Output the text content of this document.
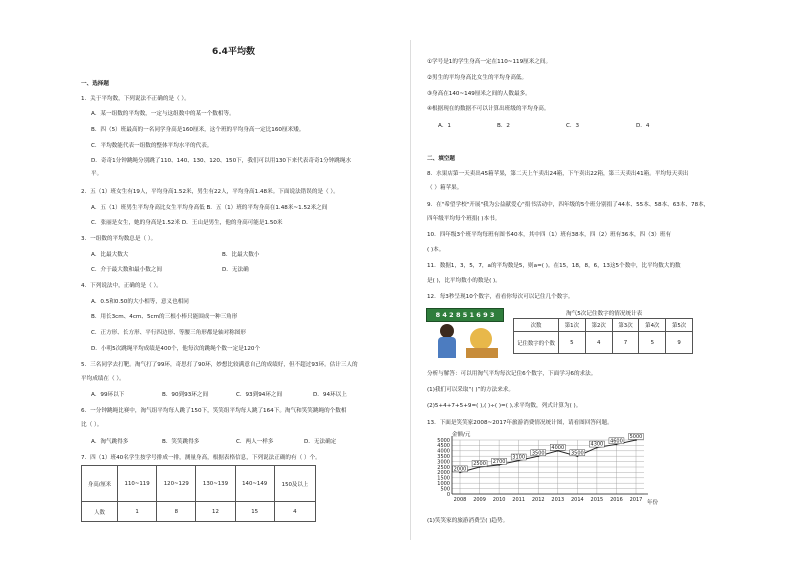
6.4平均数
一、选择题
1．关于平均数，下列说法不正确的是（ ）。
A．某一组数的平均数，一定与这组数中的某一个数相等。
B．四（5）班最高的一名同学身高是160厘米，这个班的平均身高一定比160厘米矮。
C．平均数能代表一组数的整体平均水平的代表。
D．奇奇1分钟跳绳分别跳了110、140、130、120、150下，我们可以用130下来代表奇奇1分钟跳绳水
平。
2．五（1）班女生有19人，平均身高1.52米，男生有22人，平均身高1.48米。下面说法错误的是（ ）。
A．五（1）班男生平均身高比女生平均身高低 B．五（1）班的平均身高在1.48米~1.52米之间
C．张丽是女生，她的身高是1.52米 D．王山是男生，他的身高可能是1.50米
3．一组数的平均数总是（ ）。
A．比最大数大	B．比最大数小
C．介于最大数和最小数之间	D．无法确
4．下列说法中，正确的是（ ）。
A．0.5和0.50的大小相等，意义也相同
B．用长3cm、4cm、5cm的三根小棒只能围成一种三角形
C．正方形、长方形、平行四边形、等腰三角形都是轴对称图形
D．小明5次跳绳平均成绩是400个，他每次的跳绳个数一定是120个
5．三名同学去打靶。淘气打了99环，奇思打了90环，妙想比较满意自己的成绩好，但不超过93环。估计三人的
平均成绩在（ ）。
A．99环以下	B．90到93环之间	C．93到94环之间	D．94环以上
6．一分钟跳绳比赛中，淘气组平均每人跳了150下，笑笑组平均每人跳了164下。淘气和笑笑跳绳的个数相
比（ ）。
A．淘气跳得多	B．笑笑跳得多	C．两人一样多	D．无法确定
7．四（1）班40名学生按学号排成一排，测量身高，根据表格信息，下列说法正确的有（ ）个。
身高/厘米	110~119	120~129	130~139	140~149	150及以上
人数	1	8	12	15	4
①学号是1的学生身高一定在110~119厘米之间。
②男生的平均身高比女生的平均身高低。
③身高在140~149厘米之间的人数最多。
④根据现在的数据不可以计算出班级的平均身高。
A．1	B．2	C．3	D．4
二、填空题
8．水果店第一天卖出45箱苹果，第二天上午卖出24箱，下午卖出22箱，第三天卖出41箱。平均每天卖出
（ ）箱苹果。
9．在"希望学校"开展"我为公益献爱心"捐书活动中，四年级的5个班分别捐了44本、55本、58本、63本、78本，
四年级平均每个班捐( )本书。
10．四年级3个班平均每班有图书40本，其中四（1）班有38本，四（2）班有36本，四（3）班有
( )本。
11．数据1，3，5，7，a的平均数是5，则a=( )。在15，18，8，6，13这5个数中，比平均数大的数
是( )，比平均数小的数是( )。
12．每3秒呈现10个数字，看看你每次可以记住几个数字。
8 4 2 8 5 1 6 9 3	淘气5次记住数字的情况统计表
次数	第1次	第2次	第3次	第4次	第5次
记住数字的个数	5	4	7	5	9
分析与解答：可以用淘气平均每次记住6个数字，下面学习6的求法。
(1)我们可以采取“( )”的方法来求。
(2)5+4+7+5+9=( ),( )÷( )=( ),求平均数，列式计算为( )。
13．下面是笑笑家2008~2017年旅游消费情况统计图，请看图回答问题。
0
500
1000
1500
2000
2500
3000
3500
4000
4500
5000
2008 2009 2010 2011 2012 2013 2014 2015 2016 2017
2000
2500 2700
3100
3500
4000
3500
4300
4600
5000
金额/元
年份
(1)笑笑家的旅游消费呈( )趋势。
